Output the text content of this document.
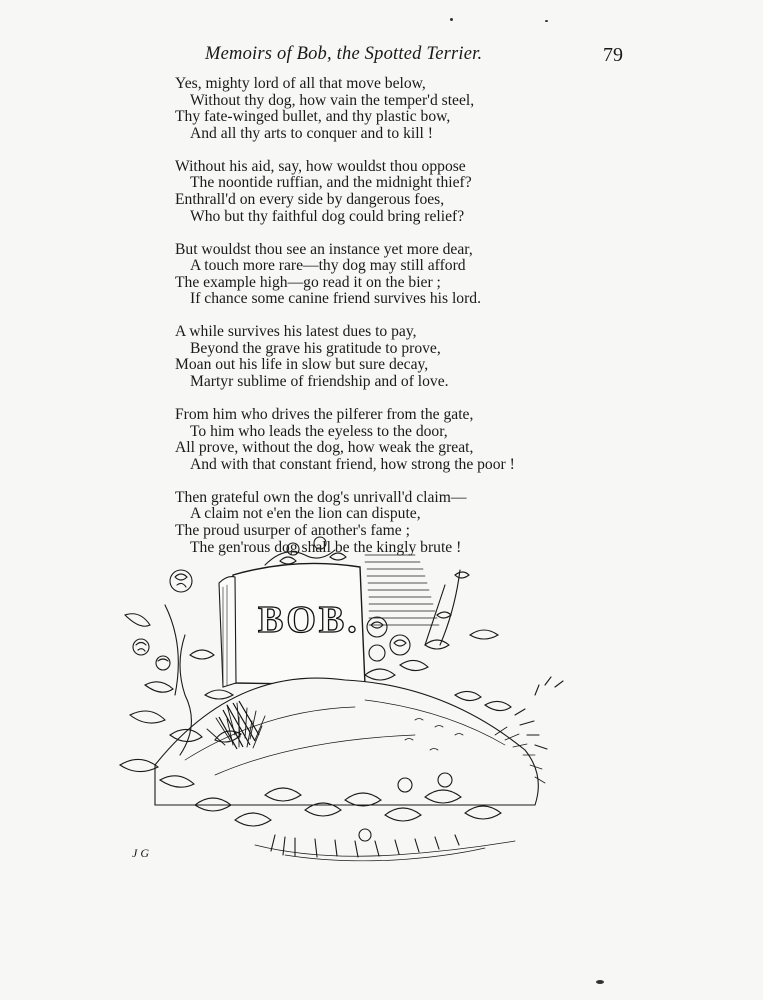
Memoirs of Bob, the Spotted Terrier.	79
Yes, mighty lord of all that move below,
Without thy dog, how vain the temper'd steel,
Thy fate-winged bullet, and thy plastic bow,
And all thy arts to conquer and to kill !
Without his aid, say, how wouldst thou oppose
The noontide ruffian, and the midnight thief?
Enthrall'd on every side by dangerous foes,
Who but thy faithful dog could bring relief?
But wouldst thou see an instance yet more dear,
A touch more rare—thy dog may still afford
The example high—go read it on the bier ;
If chance some canine friend survives his lord.
A while survives his latest dues to pay,
Beyond the grave his gratitude to prove,
Moan out his life in slow but sure decay,
Martyr sublime of friendship and of love.
From him who drives the pilferer from the gate,
To him who leads the eyeless to the door,
All prove, without the dog, how weak the great,
And with that constant friend, how strong the poor !
Then grateful own the dog's unrivall'd claim—
A claim not e'en the lion can dispute,
The proud usurper of another's fame ;
The gen'rous dog shall be the kingly brute !
BOB.
J G
